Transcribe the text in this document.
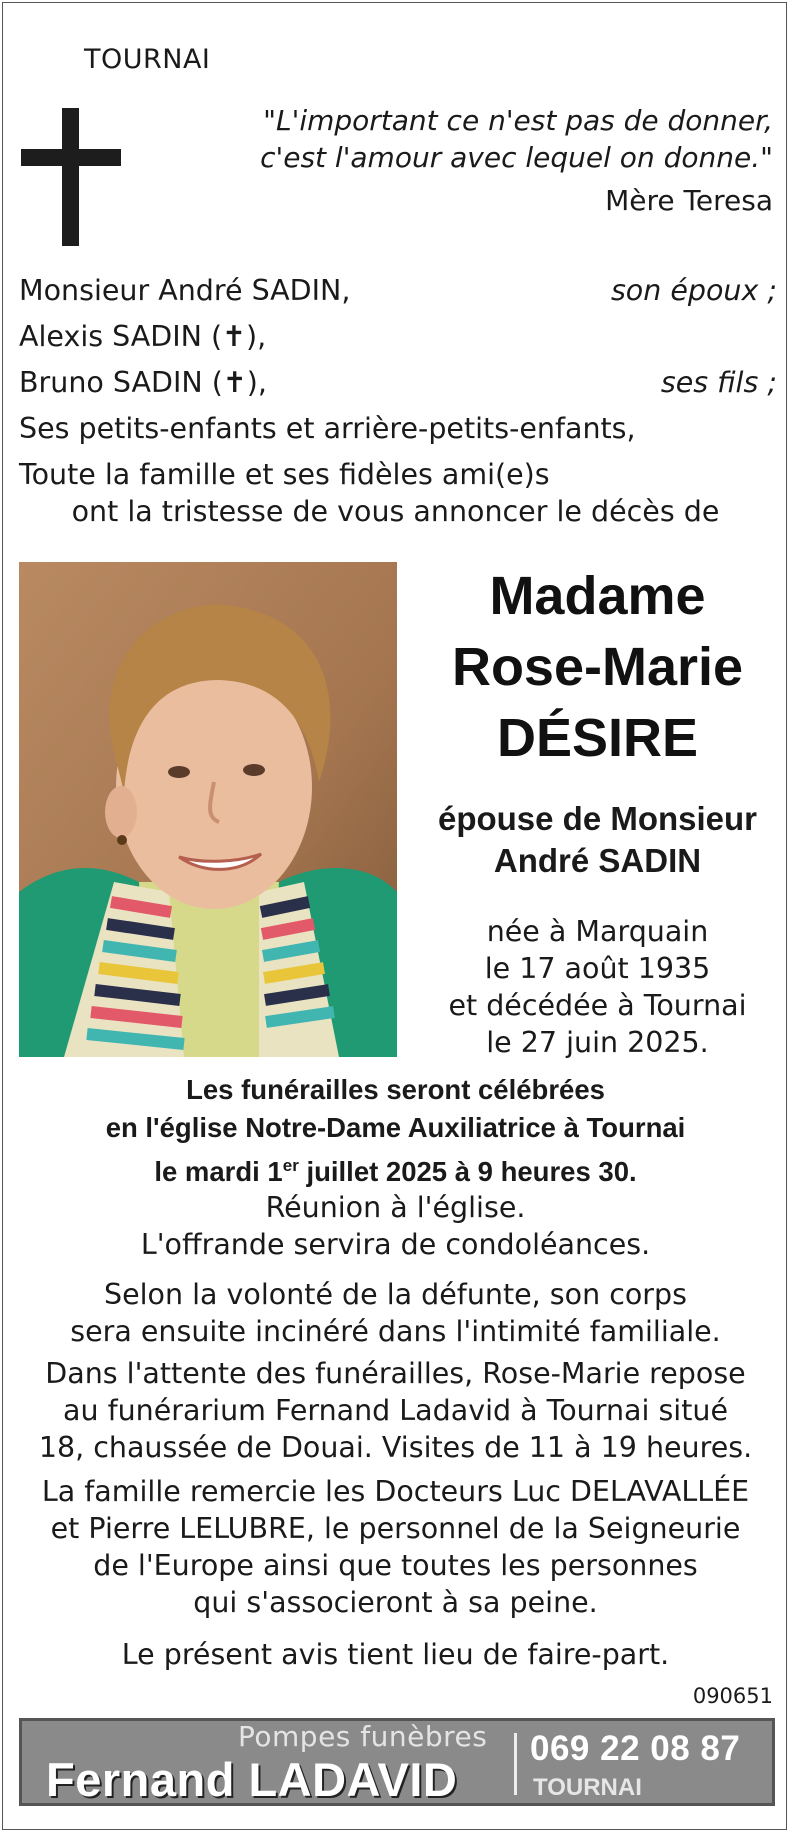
TOURNAI
"L'important ce n'est pas de donner,
c'est l'amour avec lequel on donne."
Mère Teresa
Monsieur André SADIN,	son époux ;
Alexis SADIN (✝),
Bruno SADIN (✝),	ses fils ;
Ses petits-enfants et arrière-petits-enfants,
Toute la famille et ses fidèles ami(e)s
ont la tristesse de vous annoncer le décès de
Madame
Rose-Marie
DÉSIRE
épouse de Monsieur
André SADIN
née à Marquain
le 17 août 1935
et décédée à Tournai
le 27 juin 2025.
Les funérailles seront célébrées
en l'église Notre-Dame Auxiliatrice à Tournai
le mardi 1er juillet 2025 à 9 heures 30.
Réunion à l'église.
L'offrande servira de condoléances.
Selon la volonté de la défunte, son corps
sera ensuite incinéré dans l'intimité familiale.
Dans l'attente des funérailles, Rose-Marie repose
au funérarium Fernand Ladavid à Tournai situé
18, chaussée de Douai. Visites de 11 à 19 heures.
La famille remercie les Docteurs Luc DELAVALLÉE
et Pierre LELUBRE, le personnel de la Seigneurie
de l'Europe ainsi que toutes les personnes
qui s'associeront à sa peine.
Le présent avis tient lieu de faire-part.
090651
Pompes funèbres
Fernand LADAVID
069 22 08 87
TOURNAI
